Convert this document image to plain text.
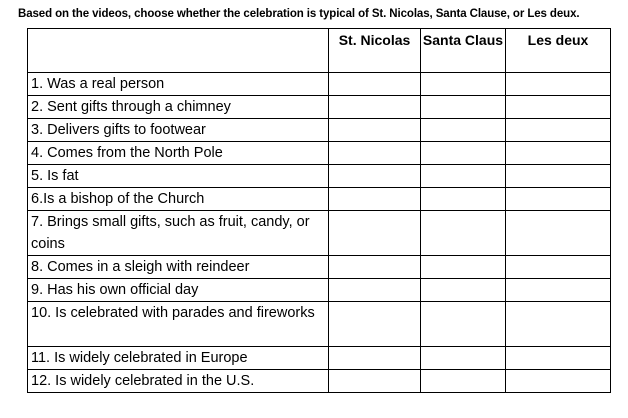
Based on the videos, choose whether the celebration is typical of St. Nicolas, Santa Clause, or Les deux.
	St. Nicolas	Santa Claus	Les deux
1. Was a real person			
2. Sent gifts through a chimney			
3. Delivers gifts to footwear			
4. Comes from the North Pole			
5. Is fat			
6.Is a bishop of the Church			
7. Brings small gifts, such as fruit, candy, or coins			
8. Comes in a sleigh with reindeer			
9. Has his own official day			
10. Is celebrated with parades and fireworks			
11. Is widely celebrated in Europe			
12. Is widely celebrated in the U.S.			
